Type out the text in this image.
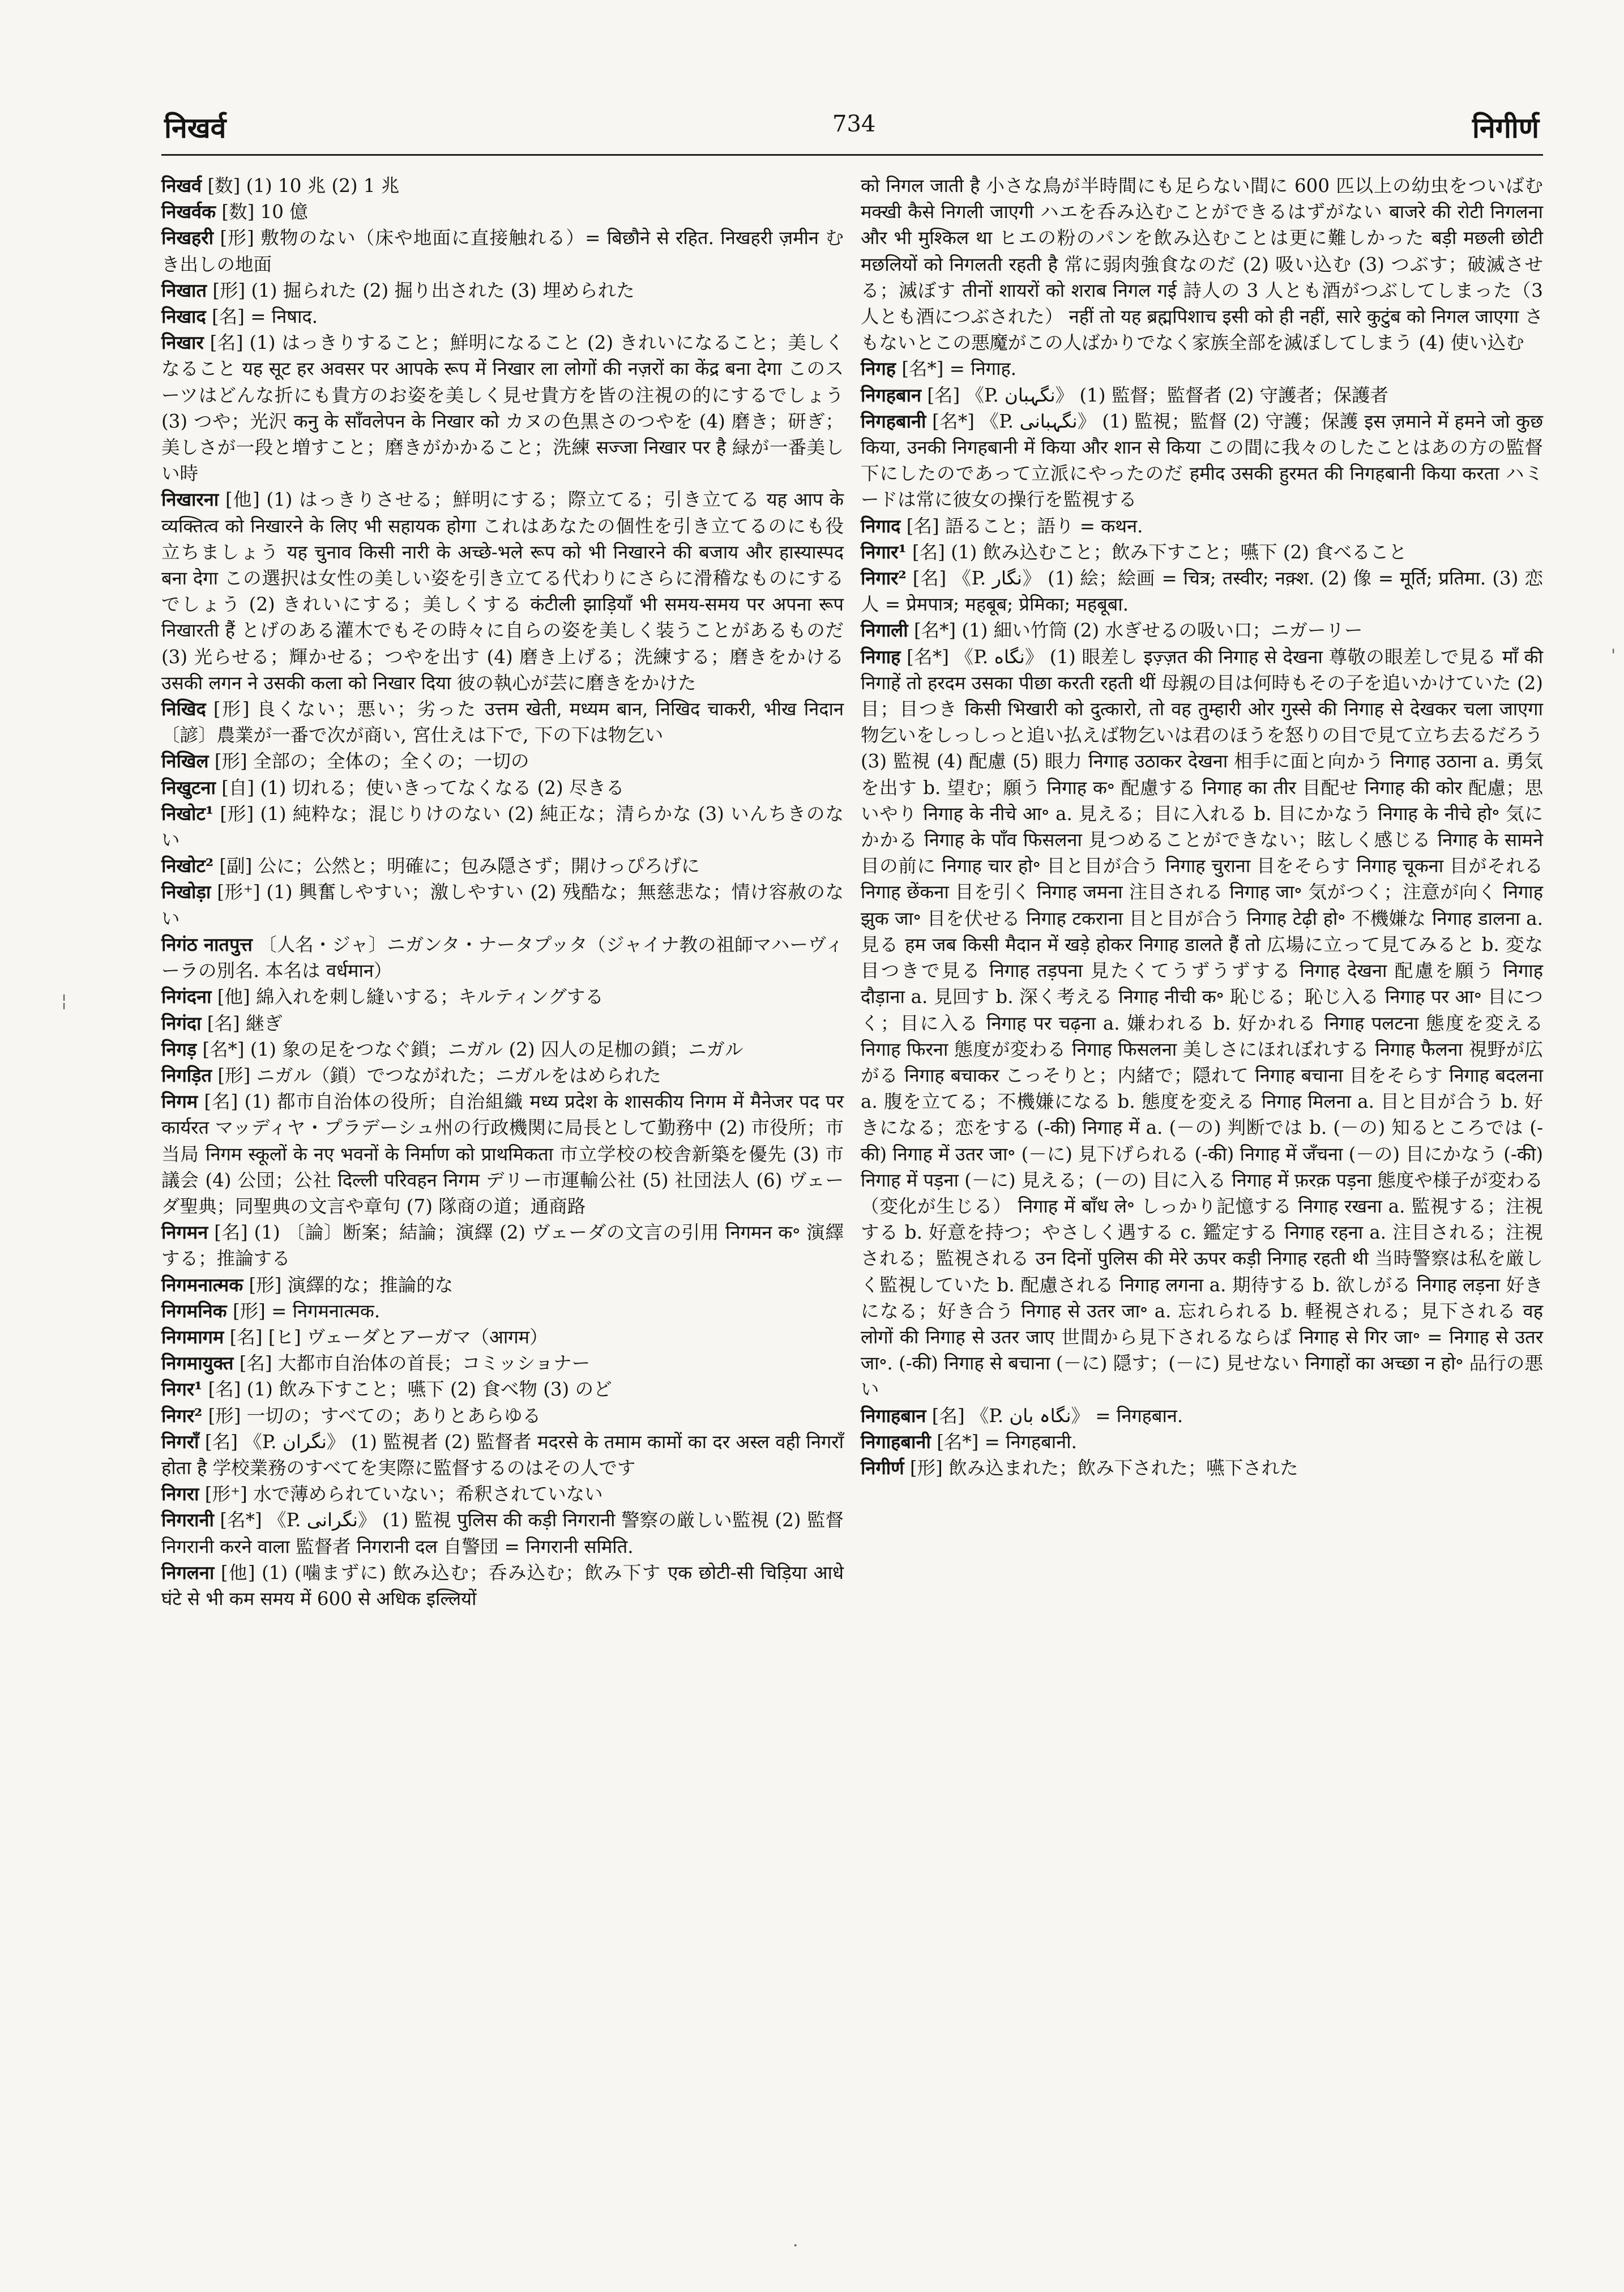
निखर्व	734	निगीर्ण

निखर्व [数] (1) 10 兆 (2) 1 兆

निखर्वक [数] 10 億

निखहरी [形] 敷物のない（床や地面に直接触れる）= बिछौने से रहित. निखहरी ज़मीन むき出しの地面

निखात [形] (1) 掘られた (2) 掘り出された (3) 埋められた

निखाद [名] = निषाद.

निखार [名] (1) はっきりすること；鮮明になること (2) きれいになること；美しくなること यह सूट हर अवसर पर आपके रूप में निखार ला लोगों की नज़रों का केंद्र बना देगा このスーツはどんな折にも貴方のお姿を美しく見せ貴方を皆の注視の的にするでしょう (3) つや；光沢 कनु के साँवलेपन के निखार को カヌの色黒さのつやを (4) 磨き；研ぎ；美しさが一段と増すこと；磨きがかかること；洗練 सज्जा निखार पर है 緑が一番美しい時

निखारना [他] (1) はっきりさせる；鮮明にする；際立てる；引き立てる यह आप के व्यक्तित्व को निखारने के लिए भी सहायक होगा これはあなたの個性を引き立てるのにも役立ちましょう यह चुनाव किसी नारी के अच्छे-भले रूप को भी निखारने की बजाय और हास्यास्पद बना देगा この選択は女性の美しい姿を引き立てる代わりにさらに滑稽なものにするでしょう (2) きれいにする；美しくする कंटीली झाड़ियाँ भी समय-समय पर अपना रूप निखारती हैं とげのある灌木でもその時々に自らの姿を美しく装うことがあるものだ (3) 光らせる；輝かせる；つやを出す (4) 磨き上げる；洗練する；磨きをかける उसकी लगन ने उसकी कला को निखार दिया 彼の執心が芸に磨きをかけた

निखिद [形] 良くない；悪い；劣った उत्तम खेती, मध्यम बान, निखिद चाकरी, भीख निदान 〔諺〕農業が一番で次が商い, 宮仕えは下で, 下の下は物乞い

निखिल [形] 全部の；全体の；全くの；一切の

निखुटना [自] (1) 切れる；使いきってなくなる (2) 尽きる

निखोट¹ [形] (1) 純粋な；混じりけのない (2) 純正な；清らかな (3) いんちきのない

निखोट² [副] 公に；公然と；明確に；包み隠さず；開けっぴろげに

निखोड़ा [形⁺] (1) 興奮しやすい；激しやすい (2) 残酷な；無慈悲な；情け容赦のない

निगंठ नातपुत्त 〔人名・ジャ〕ニガンタ・ナータプッタ（ジャイナ教の祖師マハーヴィーラの別名. 本名は वर्धमान）

निगंदना [他] 綿入れを刺し縫いする；キルティングする

निगंदा [名] 継ぎ

निगड़ [名*] (1) 象の足をつなぐ鎖；ニガル (2) 囚人の足枷の鎖；ニガル

निगड़ित [形] ニガル（鎖）でつながれた；ニガルをはめられた

निगम [名] (1) 都市自治体の役所；自治組織 मध्य प्रदेश के शासकीय निगम में मैनेजर पद पर कार्यरत マッディヤ・プラデーシュ州の行政機関に局長として勤務中 (2) 市役所；市当局 निगम स्कूलों के नए भवनों के निर्माण को प्राथमिकता 市立学校の校舎新築を優先 (3) 市議会 (4) 公団；公社 दिल्ली परिवहन निगम デリー市運輸公社 (5) 社団法人 (6) ヴェーダ聖典；同聖典の文言や章句 (7) 隊商の道；通商路

निगमन [名] (1) 〔論〕断案；結論；演繹 (2) ヴェーダの文言の引用 निगमन क॰ 演繹する；推論する

निगमनात्मक [形] 演繹的な；推論的な

निगमनिक [形] = निगमनात्मक.

निगमागम [名] [ヒ] ヴェーダとアーガマ（आगम）

निगमायुक्त [名] 大都市自治体の首長；コミッショナー

निगर¹ [名] (1) 飲み下すこと；嚥下 (2) 食べ物 (3) のど

निगर² [形] 一切の；すべての；ありとあらゆる

निगराँ [名] 《P. نگران》 (1) 監視者 (2) 監督者 मदरसे के तमाम कामों का दर अस्ल वही निगराँ होता है 学校業務のすべてを実際に監督するのはその人です

निगरा [形⁺] 水で薄められていない；希釈されていない

निगरानी [名*] 《P. نگرانی》 (1) 監視 पुलिस की कड़ी निगरानी 警察の厳しい監視 (2) 監督 निगरानी करने वाला 監督者 निगरानी दल 自警団 = निगरानी समिति.

निगलना [他] (1) (噛まずに) 飲み込む；呑み込む；飲み下す एक छोटी-सी चिड़िया आधे घंटे से भी कम समय में 600 से अधिक इल्लियों

को निगल जाती है 小さな鳥が半時間にも足らない間に 600 匹以上の幼虫をついばむ मक्खी कैसे निगली जाएगी ハエを呑み込むことができるはずがない बाजरे की रोटी निगलना और भी मुश्किल था ヒエの粉のパンを飲み込むことは更に難しかった बड़ी मछली छोटी मछलियों को निगलती रहती है 常に弱肉強食なのだ (2) 吸い込む (3) つぶす；破滅させる；滅ぼす तीनों शायरों को शराब निगल गई 詩人の 3 人とも酒がつぶしてしまった（3 人とも酒につぶされた） नहीं तो यह ब्रह्मपिशाच इसी को ही नहीं, सारे कुटुंब को निगल जाएगा さもないとこの悪魔がこの人ばかりでなく家族全部を滅ぼしてしまう (4) 使い込む

निगह [名*] = निगाह.

निगहबान [名] 《P. نگہبان》 (1) 監督；監督者 (2) 守護者；保護者

निगहबानी [名*] 《P. نگہبانی》 (1) 監視；監督 (2) 守護；保護 इस ज़माने में हमने जो कुछ किया, उनकी निगहबानी में किया और शान से किया この間に我々のしたことはあの方の監督下にしたのであって立派にやったのだ हमीद उसकी हुरमत की निगहबानी किया करता ハミードは常に彼女の操行を監視する

निगाद [名] 語ること；語り = कथन.

निगार¹ [名] (1) 飲み込むこと；飲み下すこと；嚥下 (2) 食べること

निगार² [名] 《P. نگار》 (1) 絵；絵画 = चित्र; तस्वीर; नक़्श. (2) 像 = मूर्ति; प्रतिमा. (3) 恋人 = प्रेमपात्र; महबूब; प्रेमिका; महबूबा.

निगाली [名*] (1) 細い竹筒 (2) 水ぎせるの吸い口；ニガーリー

निगाह [名*] 《P. نگاه》 (1) 眼差し इज़्ज़त की निगाह से देखना 尊敬の眼差しで見る माँ की निगाहें तो हरदम उसका पीछा करती रहती थीं 母親の目は何時もその子を追いかけていた (2) 目；目つき किसी भिखारी को दुत्कारो, तो वह तुम्हारी ओर गुस्से की निगाह से देखकर चला जाएगा 物乞いをしっしっと追い払えば物乞いは君のほうを怒りの目で見て立ち去るだろう (3) 監視 (4) 配慮 (5) 眼力 निगाह उठाकर देखना 相手に面と向かう निगाह उठाना a. 勇気を出す b. 望む；願う निगाह क॰ 配慮する निगाह का तीर 目配せ निगाह की कोर 配慮；思いやり निगाह के नीचे आ॰ a. 見える；目に入れる b. 目にかなう निगाह के नीचे हो॰ 気にかかる निगाह के पाँव फिसलना 見つめることができない；眩しく感じる निगाह के सामने 目の前に निगाह चार हो॰ 目と目が合う निगाह चुराना 目をそらす निगाह चूकना 目がそれる निगाह छेंकना 目を引く निगाह जमना 注目される निगाह जा॰ 気がつく；注意が向く निगाह झुक जा॰ 目を伏せる निगाह टकराना 目と目が合う निगाह टेढ़ी हो॰ 不機嫌な निगाह डालना a. 見る हम जब किसी मैदान में खड़े होकर निगाह डालते हैं तो 広場に立って見てみると b. 変な目つきで見る निगाह तड़पना 見たくてうずうずする निगाह देखना 配慮を願う निगाह दौड़ाना a. 見回す b. 深く考える निगाह नीची क॰ 恥じる；恥じ入る निगाह पर आ॰ 目につく；目に入る निगाह पर चढ़ना a. 嫌われる b. 好かれる निगाह पलटना 態度を変える निगाह फिरना 態度が変わる निगाह फिसलना 美しさにほれぼれする निगाह फैलना 視野が広がる निगाह बचाकर こっそりと；内緒で；隠れて निगाह बचाना 目をそらす निगाह बदलना a. 腹を立てる；不機嫌になる b. 態度を変える निगाह मिलना a. 目と目が合う b. 好きになる；恋をする (-की) निगाह में a. (－の) 判断では b. (－の) 知るところでは (-की) निगाह में उतर जा॰ (－に) 見下げられる (-की) निगाह में जँचना (－の) 目にかなう (-की) निगाह में पड़ना (－に) 見える；(－の) 目に入る निगाह में फ़रक़ पड़ना 態度や様子が変わる（変化が生じる） निगाह में बाँध ले॰ しっかり記憶する निगाह रखना a. 監視する；注視する b. 好意を持つ；やさしく遇する c. 鑑定する निगाह रहना a. 注目される；注視される；監視される उन दिनों पुलिस की मेरे ऊपर कड़ी निगाह रहती थी 当時警察は私を厳しく監視していた b. 配慮される निगाह लगना a. 期待する b. 欲しがる निगाह लड़ना 好きになる；好き合う निगाह से उतर जा॰ a. 忘れられる b. 軽視される；見下される वह लोगों की निगाह से उतर जाए 世間から見下されるならば निगाह से गिर जा॰ = निगाह से उतर जा॰. (-की) निगाह से बचाना (－に) 隠す；(－に) 見せない निगाहों का अच्छा न हो॰ 品行の悪い

निगाहबान [名] 《P. نگاہ بان》 = निगहबान.

निगाहबानी [名*] = निगहबानी.

निगीर्ण [形] 飲み込まれた；飲み下された；嚥下された

'
¦
·
